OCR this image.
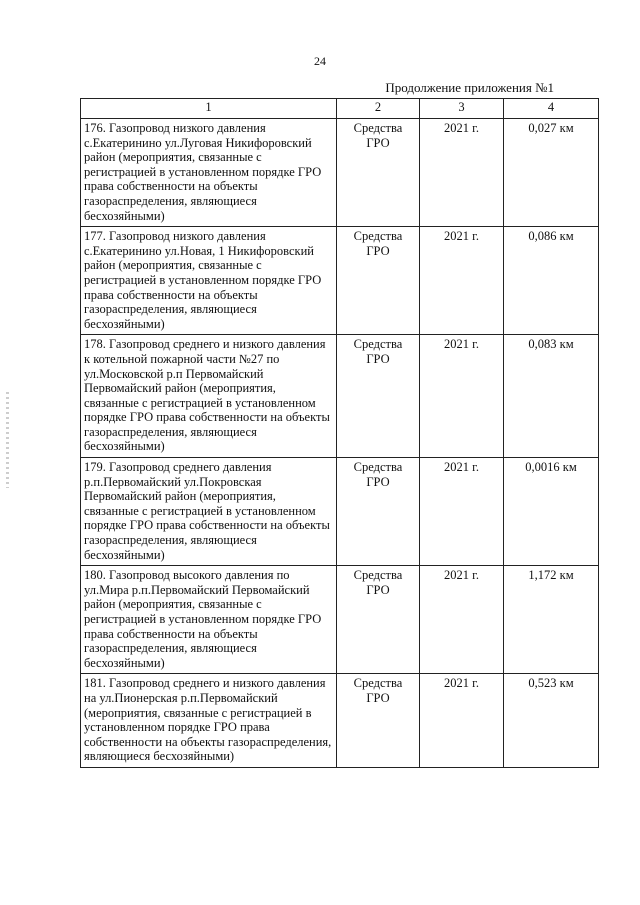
24
Продолжение приложения №1
1	2	3	4
176. Газопровод низкого давления с.Екатеринино ул.Луговая Никифоровский район (мероприятия, связанные с регистрацией в установленном порядке ГРО права собственности на объекты газораспределения, являющиеся бесхозяйными)	Средства ГРО	2021 г.	0,027 км
177. Газопровод низкого давления с.Екатеринино ул.Новая, 1 Никифоровский район (мероприятия, связанные с регистрацией в установленном порядке ГРО права собственности на объекты газораспределения, являющиеся бесхозяйными)	Средства ГРО	2021 г.	0,086 км
178. Газопровод среднего и низкого давления к котельной пожарной части №27 по ул.Московской р.п Первомайский Первомайский район (мероприятия, связанные с регистрацией в установленном порядке ГРО права собственности на объекты газораспределения, являющиеся бесхозяйными)	Средства ГРО	2021 г.	0,083 км
179. Газопровод среднего давления р.п.Первомайский ул.Покровская Первомайский район (мероприятия, связанные с регистрацией в установленном порядке ГРО права собственности на объекты газораспределения, являющиеся бесхозяйными)	Средства ГРО	2021 г.	0,0016 км
180. Газопровод высокого давления по ул.Мира р.п.Первомайский Первомайский район (мероприятия, связанные с регистрацией в установленном порядке ГРО права собственности на объекты газораспределения, являющиеся бесхозяйными)	Средства ГРО	2021 г.	1,172 км
181. Газопровод среднего и низкого давления на ул.Пионерская р.п.Первомайский (мероприятия, связанные с регистрацией в установленном порядке ГРО права собственности на объекты газораспределения, являющиеся бесхозяйными)	Средства ГРО	2021 г.	0,523 км
